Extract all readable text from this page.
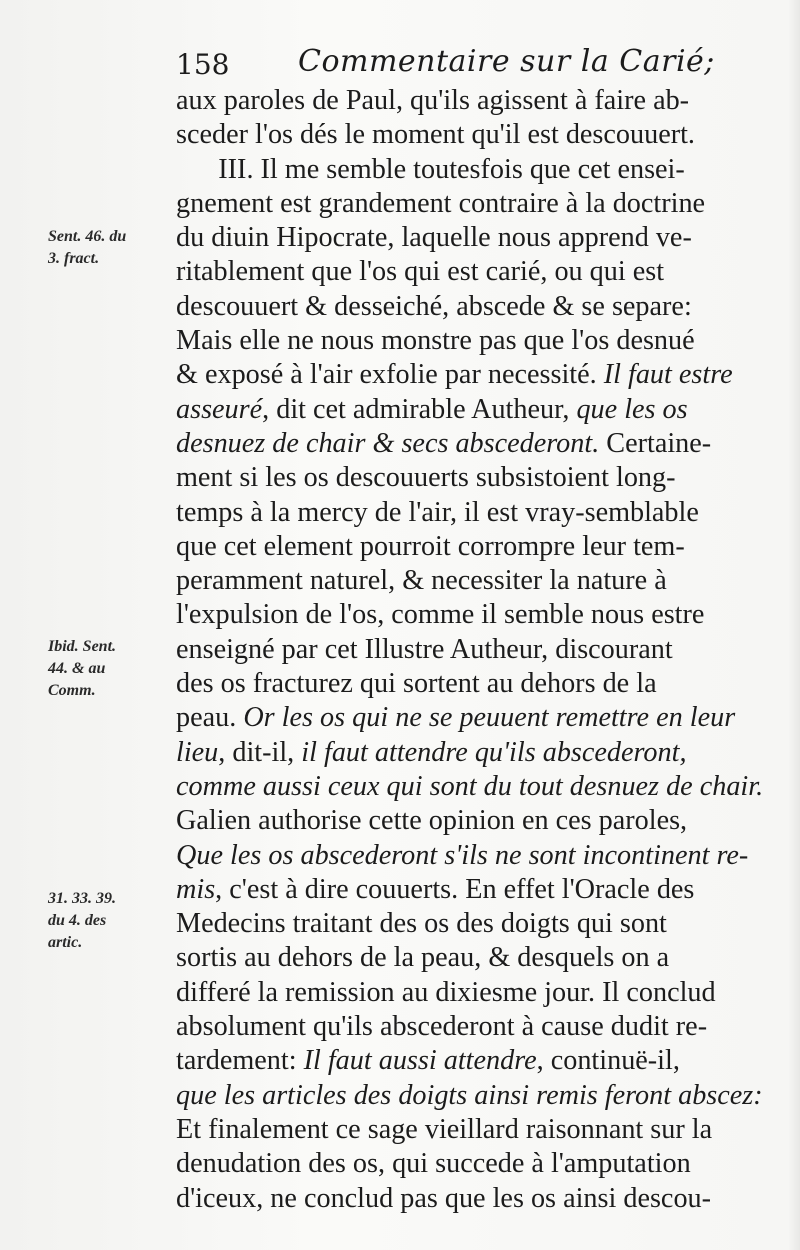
158 Commentaire sur la Carié;
Sent. 46. du
3. fract.
Ibid. Sent.
44. & au
Comm.
31. 33. 39.
du 4. des
artic.
aux paroles de Paul, qu'ils agissent à faire ab-
sceder l'os dés le moment qu'il est descouuert.
  III. Il me semble toutesfois que cet ensei-
gnement est grandement contraire à la doctrine
du diuin Hipocrate, laquelle nous apprend ve-
ritablement que l'os qui est carié, ou qui est
descouuert & desseiché, abscede & se separe:
Mais elle ne nous monstre pas que l'os desnué
& exposé à l'air exfolie par necessité. Il faut estre
asseuré, dit cet admirable Autheur, que les os
desnuez de chair & secs abscederont. Certaine-
ment si les os descouuerts subsistoient long-
temps à la mercy de l'air, il est vray-semblable
que cet element pourroit corrompre leur tem-
peramment naturel, & necessiter la nature à
l'expulsion de l'os, comme il semble nous estre
enseigné par cet Illustre Autheur, discourant
des os fracturez qui sortent au dehors de la
peau. Or les os qui ne se peuuent remettre en leur
lieu, dit-il, il faut attendre qu'ils abscederont,
comme aussi ceux qui sont du tout desnuez de chair.
Galien authorise cette opinion en ces paroles,
Que les os abscederont s'ils ne sont incontinent re-
mis, c'est à dire couuerts. En effet l'Oracle des
Medecins traitant des os des doigts qui sont
sortis au dehors de la peau, & desquels on a
differé la remission au dixiesme jour. Il conclud
absolument qu'ils abscederont à cause dudit re-
tardement: Il faut aussi attendre, continuë-il,
que les articles des doigts ainsi remis feront abscez:
Et finalement ce sage vieillard raisonnant sur la
denudation des os, qui succede à l'amputation
d'iceux, ne conclud pas que les os ainsi descou-
